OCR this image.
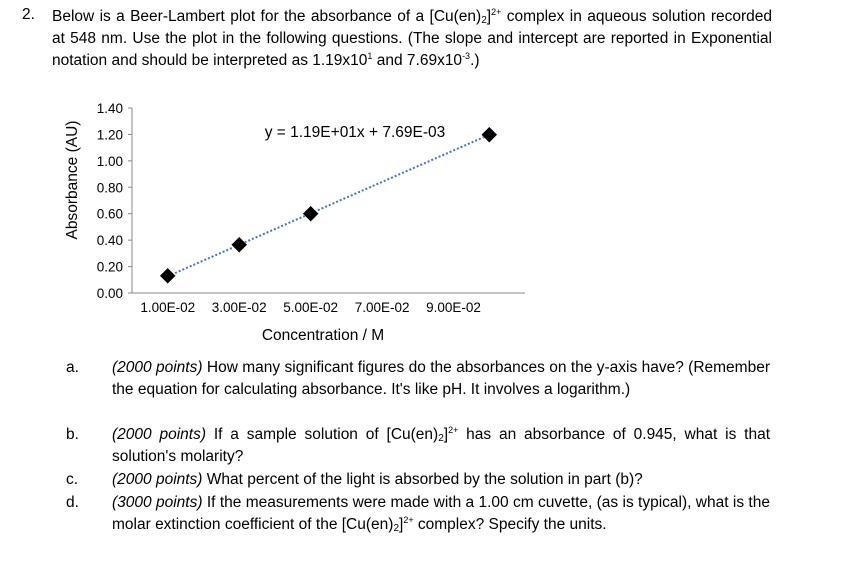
2. Below is a Beer-Lambert plot for the absorbance of a $[Cu(en)_2]^{2+}$ complex in aqueous solution recorded at 548 nm. Use the plot in the following questions. (The slope and intercept are reported in Exponential notation and should be interpreted as $1.19x10^1$ and $7.69x10^{-3}$.)
0.00
0.20
0.40
0.60
0.80
1.00
1.20
1.40
1.00E-02 3.00E-02 5.00E-02 7.00E-02 9.00E-02
y = 1.19E+01x + 7.69E-03
Absorbance (AU)
Concentration / M
a. (2000 points) How many significant figures do the absorbances on the y-axis have? (Remember the equation for calculating absorbance. It's like pH. It involves a logarithm.)
b. (2000 points) If a sample solution of $[Cu(en)_2]^{2+}$ has an absorbance of 0.945, what is that solution's molarity?
c. (2000 points) What percent of the light is absorbed by the solution in part (b)?
d. (3000 points) If the measurements were made with a 1.00 cm cuvette, (as is typical), what is the molar extinction coefficient of the $[Cu(en)_2]^{2+}$ complex? Specify the units.
